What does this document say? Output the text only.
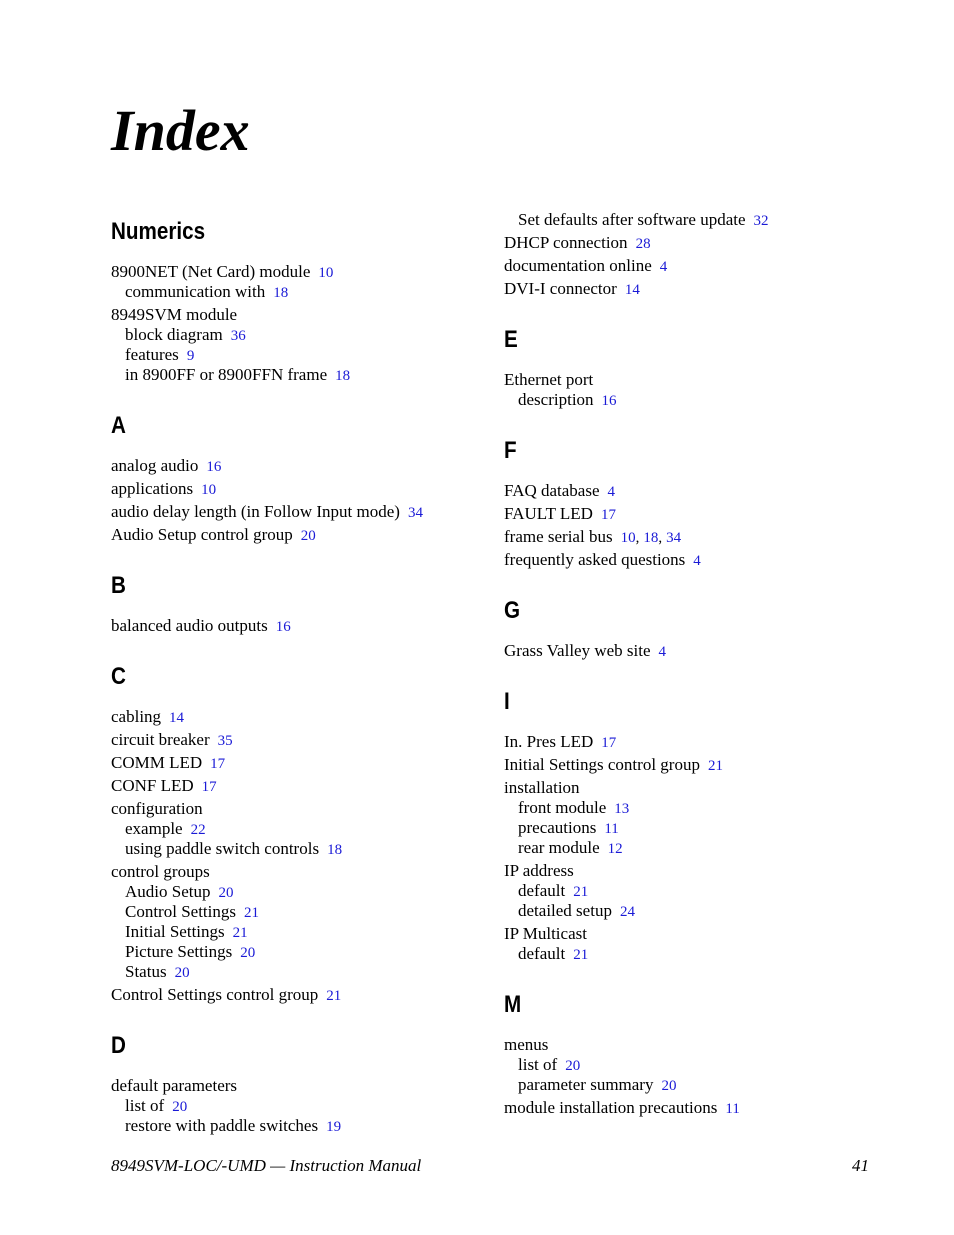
Index
Numerics
8900NET (Net Card) module 10
communication with 18
8949SVM module
block diagram 36
features 9
in 8900FF or 8900FFN frame 18
A
analog audio 16
applications 10
audio delay length (in Follow Input mode) 34
Audio Setup control group 20
B
balanced audio outputs 16
C
cabling 14
circuit breaker 35
COMM LED 17
CONF LED 17
configuration
example 22
using paddle switch controls 18
control groups
Audio Setup 20
Control Settings 21
Initial Settings 21
Picture Settings 20
Status 20
Control Settings control group 21
D
default parameters
list of 20
restore with paddle switches 19
Set defaults after software update 32
DHCP connection 28
documentation online 4
DVI-I connector 14
E
Ethernet port
description 16
F
FAQ database 4
FAULT LED 17
frame serial bus 10, 18, 34
frequently asked questions 4
G
Grass Valley web site 4
I
In. Pres LED 17
Initial Settings control group 21
installation
front module 13
precautions 11
rear module 12
IP address
default 21
detailed setup 24
IP Multicast
default 21
M
menus
list of 20
parameter summary 20
module installation precautions 11

8949SVM-LOC/-UMD — Instruction Manual	41
